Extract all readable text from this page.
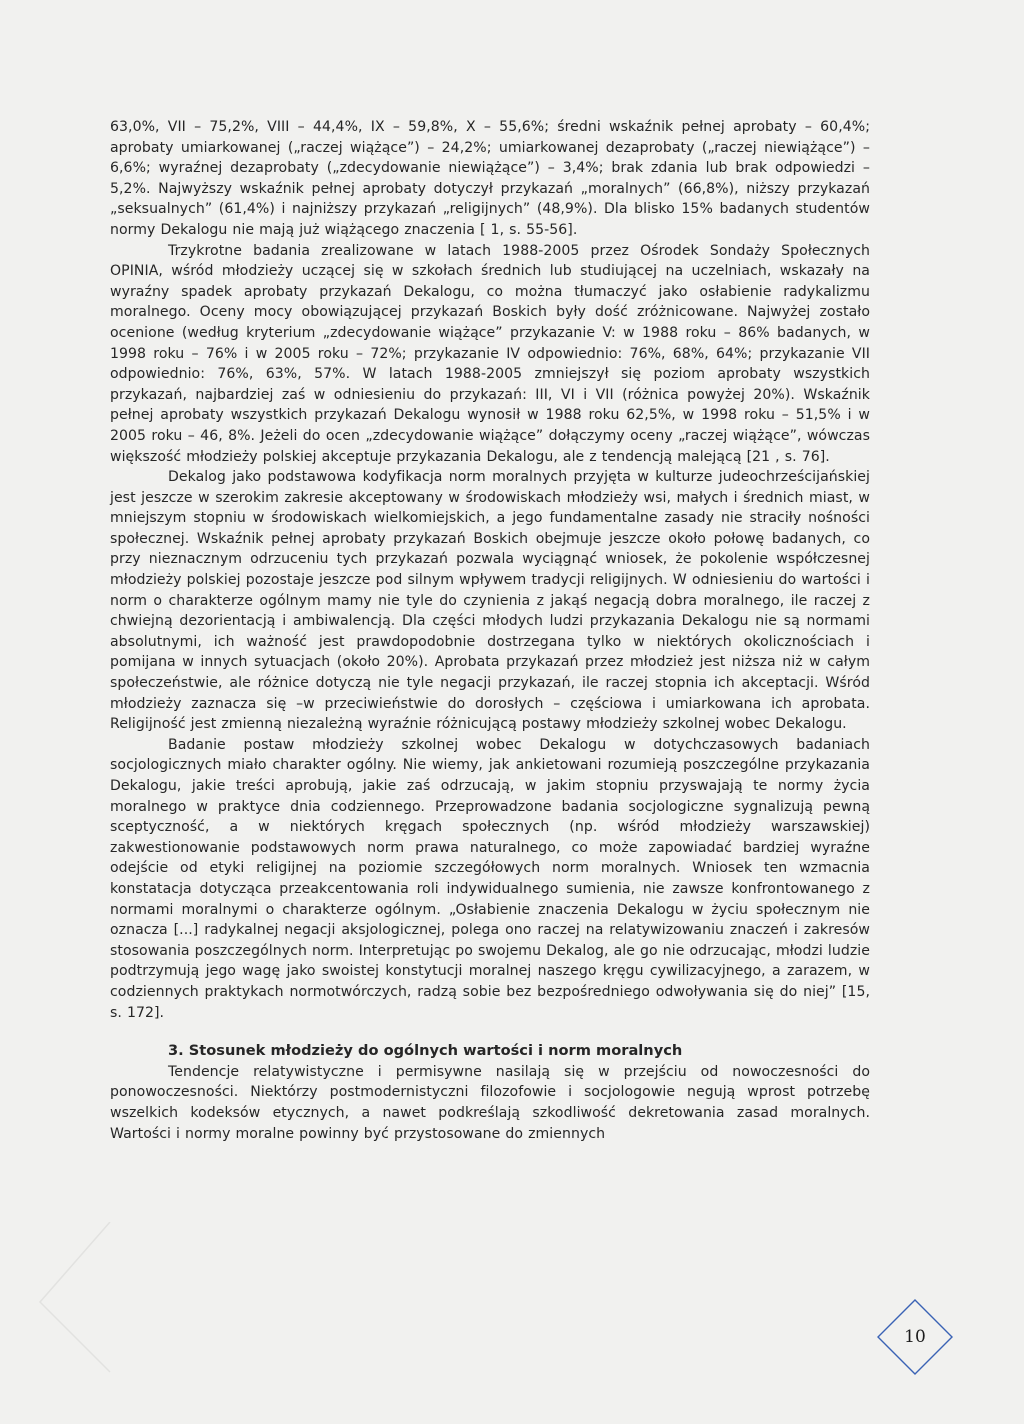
63,0%, VII – 75,2%, VIII – 44,4%, IX – 59,8%, X – 55,6%; średni wskaźnik pełnej aprobaty – 60,4%; aprobaty umiarkowanej („raczej wiążące”) – 24,2%; umiarkowanej dezaprobaty („raczej niewiążące”) – 6,6%; wyraźnej dezaprobaty („zdecydowanie niewiążące”) – 3,4%; brak zdania lub brak odpowiedzi – 5,2%. Najwyższy wskaźnik pełnej aprobaty dotyczył przykazań „moralnych” (66,8%), niższy przykazań „seksualnych” (61,4%) i najniższy przykazań „religijnych” (48,9%). Dla blisko 15% badanych studentów normy Dekalogu nie mają już wiążącego znaczenia [ 1, s. 55-56].

Trzykrotne badania zrealizowane w latach 1988-2005 przez Ośrodek Sondaży Społecznych OPINIA, wśród młodzieży uczącej się w szkołach średnich lub studiującej na uczelniach, wskazały na wyraźny spadek aprobaty przykazań Dekalogu, co można tłumaczyć jako osłabienie radykalizmu moralnego. Oceny mocy obowiązującej przykazań Boskich były dość zróżnicowane. Najwyżej zostało ocenione (według kryterium „zdecydowanie wiążące” przykazanie V: w 1988 roku – 86% badanych, w 1998 roku – 76% i w 2005 roku – 72%; przykazanie IV odpowiednio: 76%, 68%, 64%; przykazanie VII odpowiednio: 76%, 63%, 57%. W latach 1988-2005 zmniejszył się poziom aprobaty wszystkich przykazań, najbardziej zaś w odniesieniu do przykazań: III, VI i VII (różnica powyżej 20%). Wskaźnik pełnej aprobaty wszystkich przykazań Dekalogu wynosił w 1988 roku 62,5%, w 1998 roku – 51,5% i w 2005 roku – 46, 8%. Jeżeli do ocen „zdecydowanie wiążące” dołączymy oceny „raczej wiążące”, wówczas większość młodzieży polskiej akceptuje przykazania Dekalogu, ale z tendencją malejącą [21 , s. 76].

Dekalog jako podstawowa kodyfikacja norm moralnych przyjęta w kulturze judeochrześcijańskiej jest jeszcze w szerokim zakresie akceptowany w środowiskach młodzieży wsi, małych i średnich miast, w mniejszym stopniu w środowiskach wielkomiejskich, a jego fundamentalne zasady nie straciły nośności społecznej. Wskaźnik pełnej aprobaty przykazań Boskich obejmuje jeszcze około połowę badanych, co przy nieznacznym odrzuceniu tych przykazań pozwala wyciągnąć wniosek, że pokolenie współczesnej młodzieży polskiej pozostaje jeszcze pod silnym wpływem tradycji religijnych. W odniesieniu do wartości i norm o charakterze ogólnym mamy nie tyle do czynienia z jakąś negacją dobra moralnego, ile raczej z chwiejną dezorientacją i ambiwalencją. Dla części młodych ludzi przykazania Dekalogu nie są normami absolutnymi, ich ważność jest prawdopodobnie dostrzegana tylko w niektórych okolicznościach i pomijana w innych sytuacjach (około 20%). Aprobata przykazań przez młodzież jest niższa niż w całym społeczeństwie, ale różnice dotyczą nie tyle negacji przykazań, ile raczej stopnia ich akceptacji. Wśród młodzieży zaznacza się –w przeciwieństwie do dorosłych – częściowa i umiarkowana ich aprobata. Religijność jest zmienną niezależną wyraźnie różnicującą postawy młodzieży szkolnej wobec Dekalogu.

Badanie postaw młodzieży szkolnej wobec Dekalogu w dotychczasowych badaniach socjologicznych miało charakter ogólny. Nie wiemy, jak ankietowani rozumieją poszczególne przykazania Dekalogu, jakie treści aprobują, jakie zaś odrzucają, w jakim stopniu przyswajają te normy życia moralnego w praktyce dnia codziennego. Przeprowadzone badania socjologiczne sygnalizują pewną sceptyczność, a w niektórych kręgach społecznych (np. wśród młodzieży warszawskiej) zakwestionowanie podstawowych norm prawa naturalnego, co może zapowiadać bardziej wyraźne odejście od etyki religijnej na poziomie szczegółowych norm moralnych. Wniosek ten wzmacnia konstatacja dotycząca przeakcentowania roli indywidualnego sumienia, nie zawsze konfrontowanego z normami moralnymi o charakterze ogólnym. „Osłabienie znaczenia Dekalogu w życiu społecznym nie oznacza [...] radykalnej negacji aksjologicznej, polega ono raczej na relatywizowaniu znaczeń i zakresów stosowania poszczególnych norm. Interpretując po swojemu Dekalog, ale go nie odrzucając, młodzi ludzie podtrzymują jego wagę jako swoistej konstytucji moralnej naszego kręgu cywilizacyjnego, a zarazem, w codziennych praktykach normotwórczych, radzą sobie bez bezpośredniego odwoływania się do niej” [15, s. 172].

3. Stosunek młodzieży do ogólnych wartości i norm moralnych

Tendencje relatywistyczne i permisywne nasilają się w przejściu od nowoczesności do ponowoczesności. Niektórzy postmodernistyczni filozofowie i socjologowie negują wprost potrzebę wszelkich kodeksów etycznych, a nawet podkreślają szkodliwość dekretowania zasad moralnych. Wartości i normy moralne powinny być przystosowane do zmiennych

10
